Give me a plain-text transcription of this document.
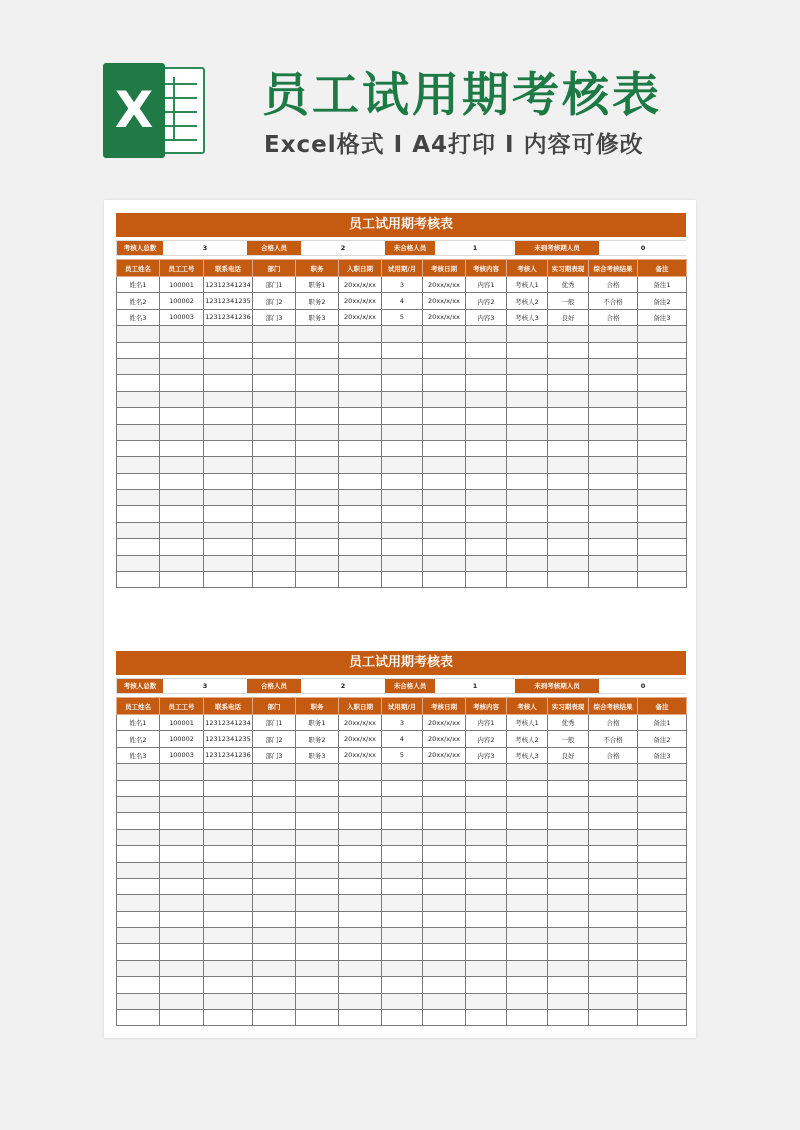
X 员工试用期考核表
Excel格式 I A4打印 I 内容可修改
员工试用期考核表
考核人总数	3	合格人员	2	未合格人员	1	未到考核期人员	0
员工姓名	员工工号	联系电话	部门	职务	入职日期	试用期/月	考核日期	考核内容	考核人	实习期表现	综合考核结果	备注
姓名1	100001	12312341234	部门1	职务1	20xx/x/xx	3	20xx/x/xx	内容1	考核人1	优秀	合格	备注1
姓名2	100002	12312341235	部门2	职务2	20xx/x/xx	4	20xx/x/xx	内容2	考核人2	一般	不合格	备注2
姓名3	100003	12312341236	部门3	职务3	20xx/x/xx	5	20xx/x/xx	内容3	考核人3	良好	合格	备注3

员工试用期考核表
考核人总数	3	合格人员	2	未合格人员	1	未到考核期人员	0
员工姓名	员工工号	联系电话	部门	职务	入职日期	试用期/月	考核日期	考核内容	考核人	实习期表现	综合考核结果	备注
姓名1	100001	12312341234	部门1	职务1	20xx/x/xx	3	20xx/x/xx	内容1	考核人1	优秀	合格	备注1
姓名2	100002	12312341235	部门2	职务2	20xx/x/xx	4	20xx/x/xx	内容2	考核人2	一般	不合格	备注2
姓名3	100003	12312341236	部门3	职务3	20xx/x/xx	5	20xx/x/xx	内容3	考核人3	良好	合格	备注3
